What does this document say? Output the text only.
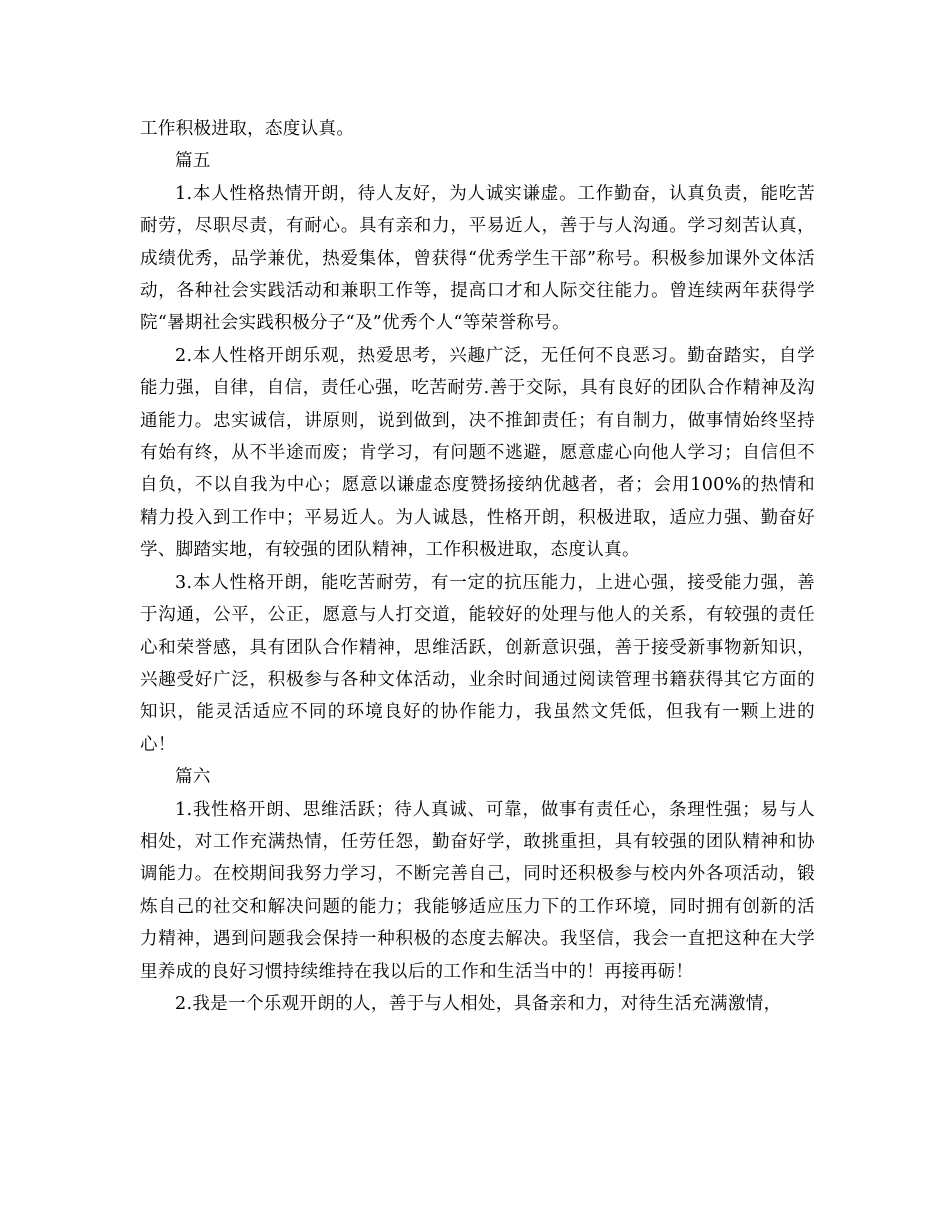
工作积极进取，态度认真。

篇五

1.本人性格热情开朗，待人友好，为人诚实谦虚。工作勤奋，认真负责，能吃苦耐劳，尽职尽责，有耐心。具有亲和力，平易近人，善于与人沟通。学习刻苦认真，成绩优秀，品学兼优，热爱集体，曾获得“优秀学生干部”称号。积极参加课外文体活动，各种社会实践活动和兼职工作等，提高口才和人际交往能力。曾连续两年获得学院“暑期社会实践积极分子“及”优秀个人“等荣誉称号。

2.本人性格开朗乐观，热爱思考，兴趣广泛，无任何不良恶习。勤奋踏实，自学能力强，自律，自信，责任心强，吃苦耐劳.善于交际，具有良好的团队合作精神及沟通能力。忠实诚信，讲原则，说到做到，决不推卸责任；有自制力，做事情始终坚持有始有终，从不半途而废；肯学习，有问题不逃避，愿意虚心向他人学习；自信但不自负，不以自我为中心；愿意以谦虚态度赞扬接纳优越者，者；会用100%的热情和精力投入到工作中；平易近人。为人诚恳，性格开朗，积极进取，适应力强、勤奋好学、脚踏实地，有较强的团队精神，工作积极进取，态度认真。

3.本人性格开朗，能吃苦耐劳，有一定的抗压能力，上进心强，接受能力强，善于沟通，公平，公正，愿意与人打交道，能较好的处理与他人的关系，有较强的责任心和荣誉感，具有团队合作精神，思维活跃，创新意识强，善于接受新事物新知识，兴趣受好广泛，积极参与各种文体活动，业余时间通过阅读管理书籍获得其它方面的知识，能灵活适应不同的环境良好的协作能力，我虽然文凭低，但我有一颗上进的心！

篇六

1.我性格开朗、思维活跃；待人真诚、可靠，做事有责任心，条理性强；易与人相处，对工作充满热情，任劳任怨，勤奋好学，敢挑重担，具有较强的团队精神和协调能力。在校期间我努力学习，不断完善自己，同时还积极参与校内外各项活动，锻炼自己的社交和解决问题的能力；我能够适应压力下的工作环境，同时拥有创新的活力精神，遇到问题我会保持一种积极的态度去解决。我坚信，我会一直把这种在大学里养成的良好习惯持续维持在我以后的工作和生活当中的！再接再砺！

2.我是一个乐观开朗的人，善于与人相处，具备亲和力，对待生活充满激情，
